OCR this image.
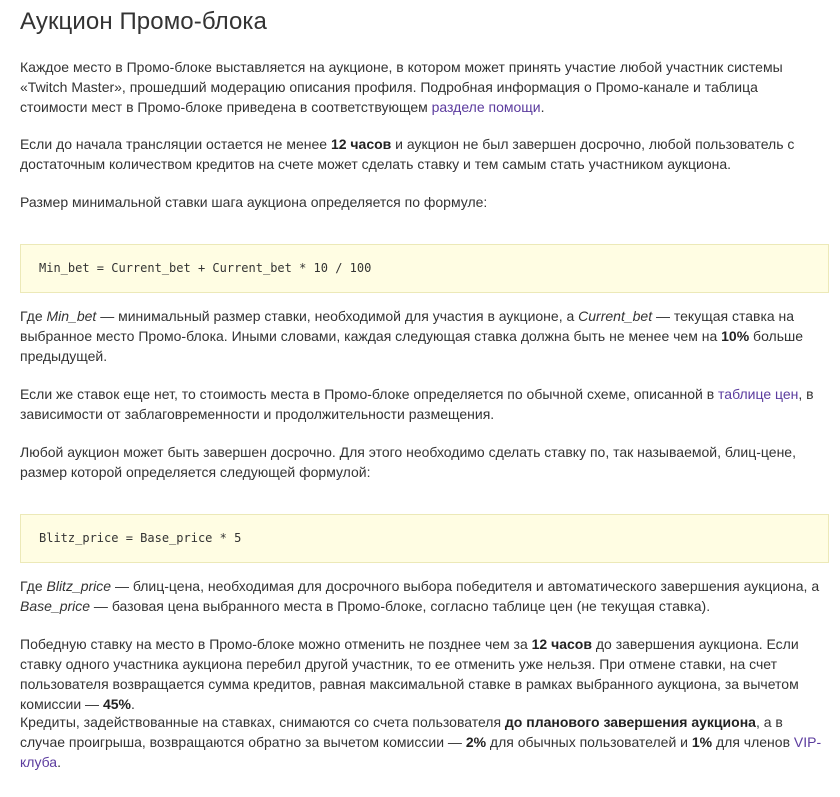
Аукцион Промо-блока

Каждое место в Промо-блоке выставляется на аукционе, в котором может принять участие любой участник системы «Twitch Master», прошедший модерацию описания профиля. Подробная информация о Промо-канале и таблица стоимости мест в Промо-блоке приведена в соответствующем разделе помощи.

Если до начала трансляции остается не менее 12 часов и аукцион не был завершен досрочно, любой пользователь с достаточным количеством кредитов на счете может сделать ставку и тем самым стать участником аукциона.

Размер минимальной ставки шага аукциона определяется по формуле:

Min_bet = Current_bet + Current_bet * 10 / 100

Где Min_bet — минимальный размер ставки, необходимой для участия в аукционе, а Current_bet — текущая ставка на выбранное место Промо-блока. Иными словами, каждая следующая ставка должна быть не менее чем на 10% больше предыдущей.

Если же ставок еще нет, то стоимость места в Промо-блоке определяется по обычной схеме, описанной в таблице цен, в зависимости от заблаговременности и продолжительности размещения.

Любой аукцион может быть завершен досрочно. Для этого необходимо сделать ставку по, так называемой, блиц-цене, размер которой определяется следующей формулой:

Blitz_price = Base_price * 5

Где Blitz_price — блиц-цена, необходимая для досрочного выбора победителя и автоматического завершения аукциона, а Base_price — базовая цена выбранного места в Промо-блоке, согласно таблице цен (не текущая ставка).

Победную ставку на место в Промо-блоке можно отменить не позднее чем за 12 часов до завершения аукциона. Если ставку одного участника аукциона перебил другой участник, то ее отменить уже нельзя. При отмене ставки, на счет пользователя возвращается сумма кредитов, равная максимальной ставке в рамках выбранного аукциона, за вычетом комиссии — 45%.

Кредиты, задействованные на ставках, снимаются со счета пользователя до планового завершения аукциона, а в случае проигрыша, возвращаются обратно за вычетом комиссии — 2% для обычных пользователей и 1% для членов VIP-клуба.
